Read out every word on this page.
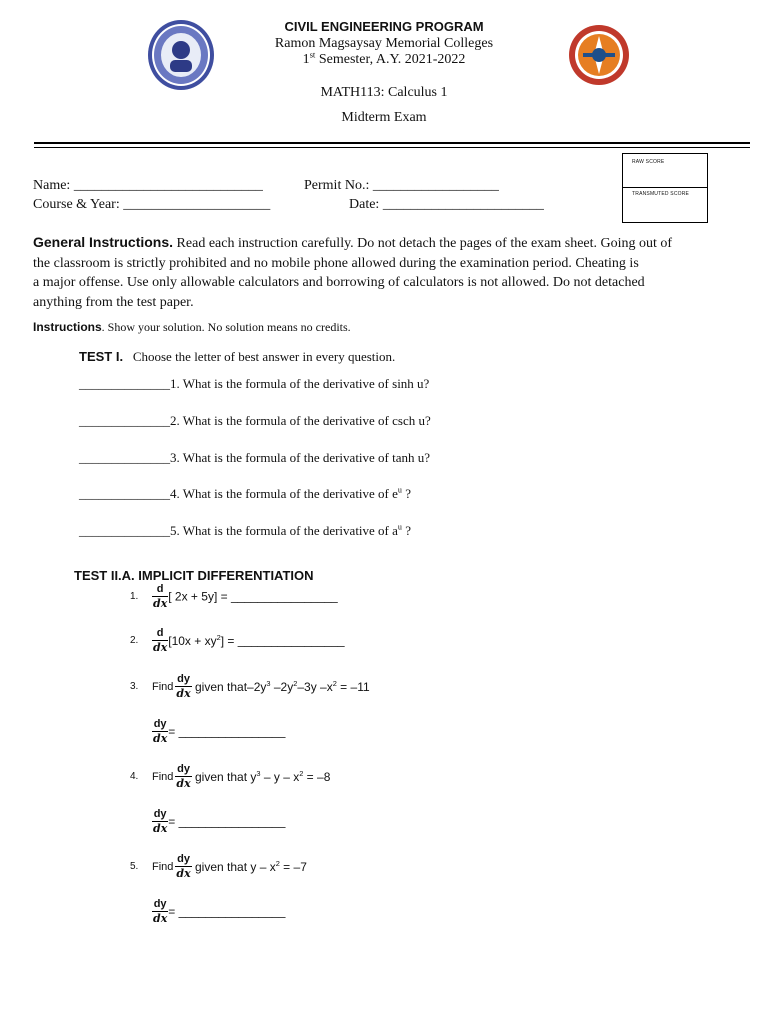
CIVIL ENGINEERING PROGRAM
Ramon Magsaysay Memorial Colleges
1st Semester, A.Y. 2021-2022
MATH113: Calculus 1
Midterm Exam
RAW SCORE
TRANSMUTED SCORE
Name: ___________________________	Permit No.: __________________
Course & Year: _____________________	Date: _______________________
General Instructions. Read each instruction carefully. Do not detach the pages of the exam sheet. Going out of
the classroom is strictly prohibited and no mobile phone allowed during the examination period. Cheating is
a major offense. Use only allowable calculators and borrowing of calculators is not allowed. Do not detached
anything from the test paper.
Instructions. Show your solution. No solution means no credits.
TEST I. Choose the letter of best answer in every question.
______________1. What is the formula of the derivative of sinh u?
______________2. What is the formula of the derivative of csch u?
______________3. What is the formula of the derivative of tanh u?
______________4. What is the formula of the derivative of $e^u$ ?
______________5. What is the formula of the derivative of $a^u$ ?
TEST II.A. IMPLICIT DIFFERENTIATION
1. $\frac{d}{dx}$ [ 2x + 5y] = ________________
2. $\frac{d}{dx} [10x + xy^2]$ = ________________
3. Find $\frac{dy}{dx}$ given that–$2y^3$ $-2y^2-3y$ $-x^2 = -11$
$\frac{dy}{dx}$ = ________________
4. Find $\frac{dy}{dx}$ given that $y^3 - y - x^2 = -8$
$\frac{dy}{dx}$ = ________________
5. Find $\frac{dy}{dx}$ given that $y - x^2 = -7$
$\frac{dy}{dx}$ = ________________
